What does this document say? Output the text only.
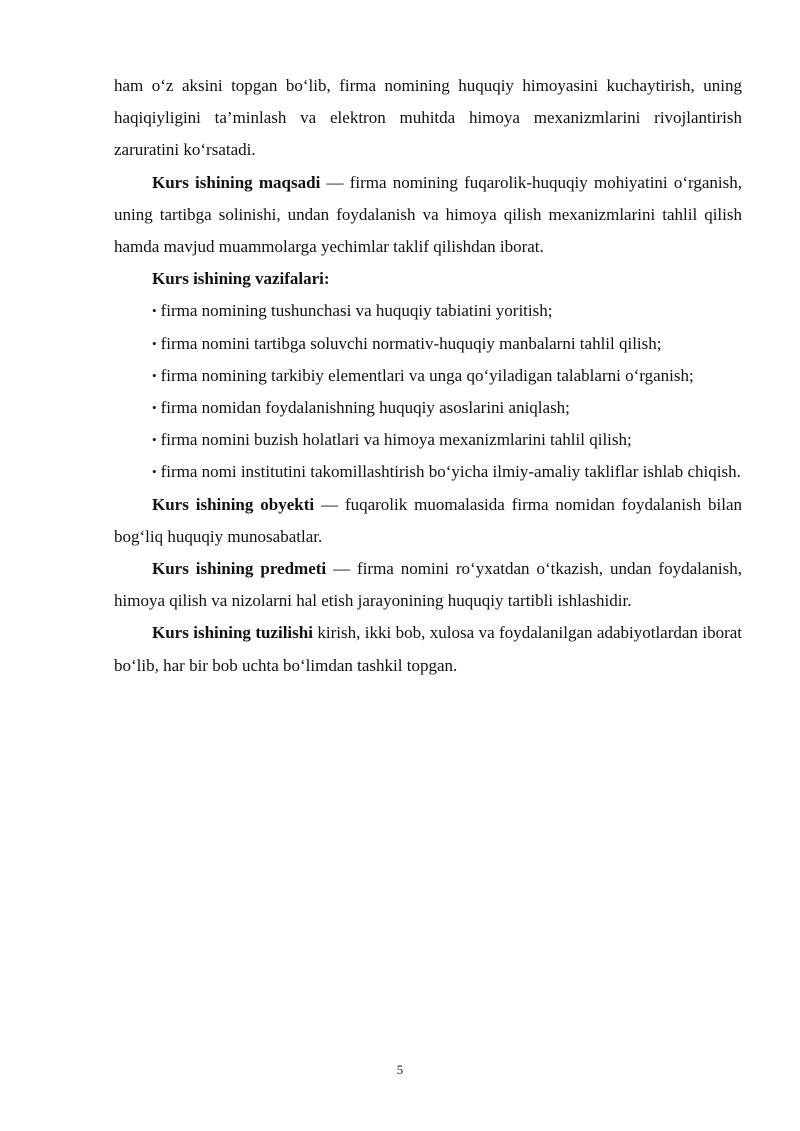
ham o‘z aksini topgan bo‘lib, firma nomining huquqiy himoyasini kuchaytirish, uning haqiqiyligini ta’minlash va elektron muhitda himoya mexanizmlarini rivojlantirish zaruratini ko‘rsatadi.

Kurs ishining maqsadi — firma nomining fuqarolik-huquqiy mohiyatini o‘rganish, uning tartibga solinishi, undan foydalanish va himoya qilish mexanizmlarini tahlil qilish hamda mavjud muammolarga yechimlar taklif qilishdan iborat.

Kurs ishining vazifalari:

• firma nomining tushunchasi va huquqiy tabiatini yoritish;

• firma nomini tartibga soluvchi normativ-huquqiy manbalarni tahlil qilish;

• firma nomining tarkibiy elementlari va unga qo‘yiladigan talablarni o‘rganish;

• firma nomidan foydalanishning huquqiy asoslarini aniqlash;

• firma nomini buzish holatlari va himoya mexanizmlarini tahlil qilish;

• firma nomi institutini takomillashtirish bo‘yicha ilmiy-amaliy takliflar ishlab chiqish.

Kurs ishining obyekti — fuqarolik muomalasida firma nomidan foydalanish bilan bog‘liq huquqiy munosabatlar.

Kurs ishining predmeti — firma nomini ro‘yxatdan o‘tkazish, undan foydalanish, himoya qilish va nizolarni hal etish jarayonining huquqiy tartibli ishlashidir.

Kurs ishining tuzilishi kirish, ikki bob, xulosa va foydalanilgan adabiyotlardan iborat bo‘lib, har bir bob uchta bo‘limdan tashkil topgan.

5
